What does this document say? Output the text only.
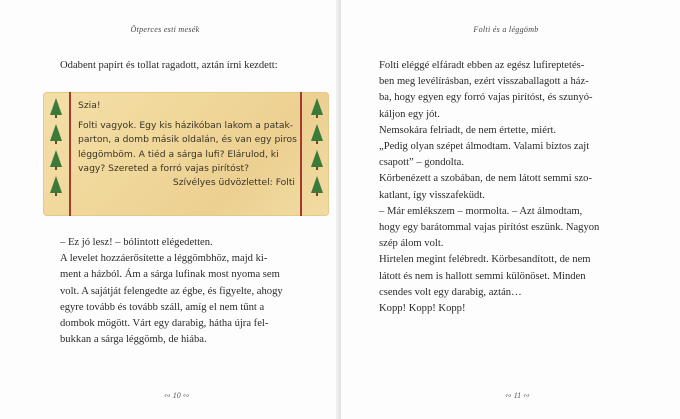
Ötperces esti mesék
Odabent papírt és tollat ragadott, aztán írni kezdett:

Szia!

Folti vagyok. Egy kis házikóban lakom a patak-
parton, a domb másik oldalán, és van egy piros
léggömböm. A tiéd a sárga lufi? Elárulod, ki
vagy? Szereted a forró vajas pirítóst?
Szívélyes üdvözlettel: Folti

– Ez jó lesz! – bólintott elégedetten.
A levelet hozzáerősítette a léggömbhöz, majd ki-
ment a házból. Ám a sárga lufinak most nyoma sem
volt. A sajátját felengedte az égbe, és figyelte, ahogy
egyre tovább és tovább száll, amíg el nem tűnt a
dombok mögött. Várt egy darabig, hátha újra fel-
bukkan a sárga léggömb, de hiába.
∾ 10 ∾
Folti és a léggömb
Folti eléggé elfáradt ebben az egész lufireptetés-
ben meg levélírásban, ezért visszaballagott a ház-
ba, hogy egyen egy forró vajas pirítóst, és szunyó-
káljon egy jót.
Nemsokára felriadt, de nem értette, miért.
„Pedig olyan szépet álmodtam. Valami biztos zajt
csapott” – gondolta.
Körbenézett a szobában, de nem látott semmi szo-
katlant, így visszafeküdt.
– Már emlékszem – mormolta. – Azt álmodtam,
hogy egy barátommal vajas pirítóst eszünk. Nagyon
szép álom volt.
Hirtelen megint felébredt. Körbesandított, de nem
látott és nem is hallott semmi különöset. Minden
csendes volt egy darabig, aztán…
Kopp! Kopp! Kopp!
∾ 11 ∾
